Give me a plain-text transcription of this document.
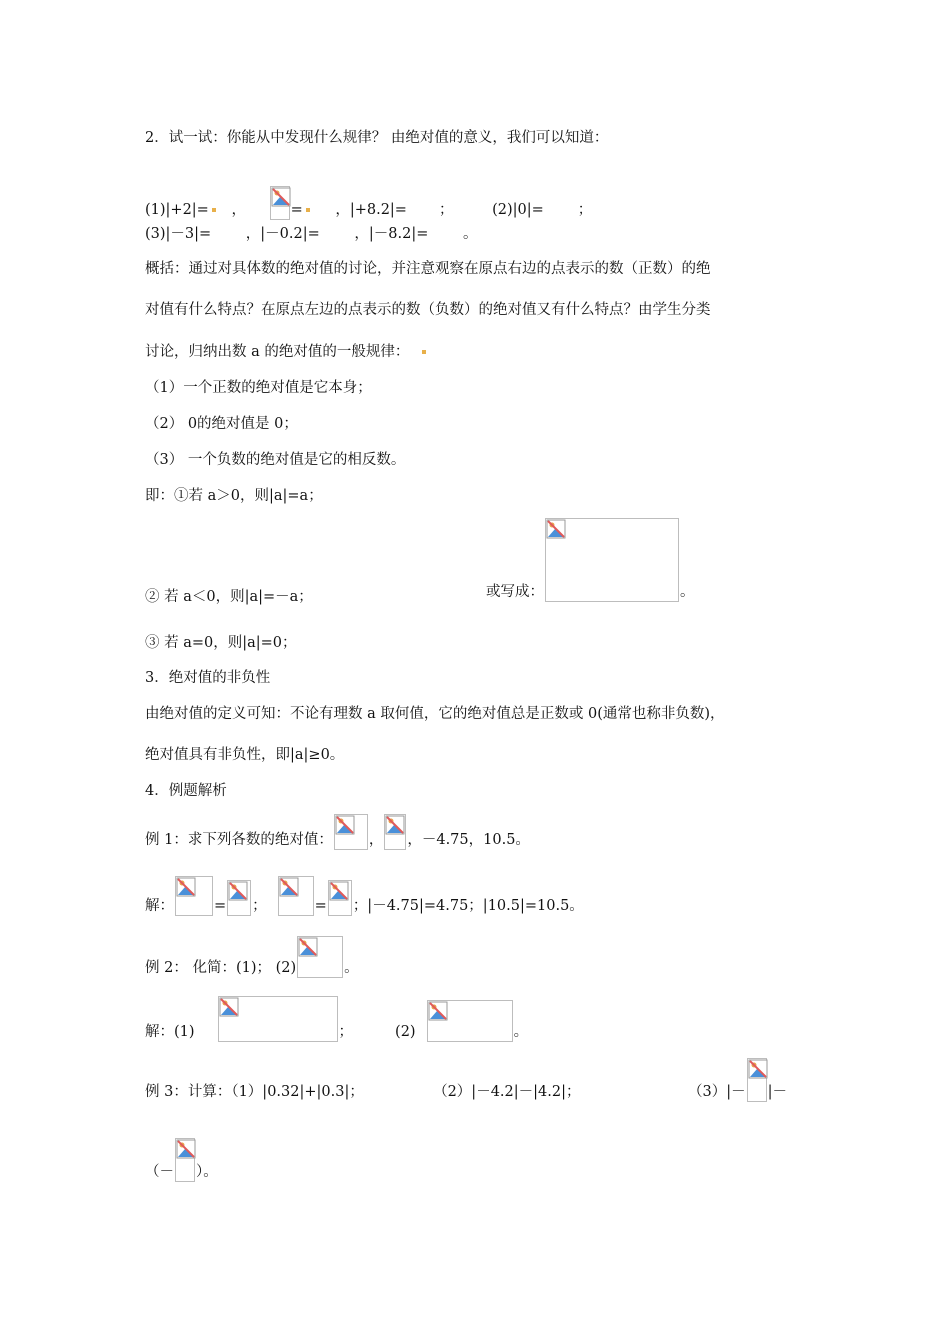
2．试一试：你能从中发现什么规律？ 由绝对值的意义，我们可以知道：
(1)|+2|= ，	= ，|+8.2|= ；	(2)|0|= ；
(3)|－3|= ，|－0.2|= ，|－8.2|= 。
概括：通过对具体数的绝对值的讨论，并注意观察在原点右边的点表示的数（正数）的绝
对值有什么特点？在原点左边的点表示的数（负数）的绝对值又有什么特点？由学生分类
讨论，归纳出数 a 的绝对值的一般规律：
（1）一个正数的绝对值是它本身；
（2） 0的绝对值是 0；
（3） 一个负数的绝对值是它的相反数。
即：①若 a＞0，则|a|=a；
② 若 a＜0，则|a|=－a；	或写成：	。
③ 若 a=0，则|a|=0；
3．绝对值的非负性
由绝对值的定义可知：不论有理数 a 取何值，它的绝对值总是正数或 0(通常也称非负数)，
绝对值具有非负性，即|a|≥0。
4．例题解析
例 1：求下列各数的绝对值： ， ，－4.75，10.5。
解：	= ；	= ；|－4.75|=4.75；|10.5|=10.5。
例 2： 化简：(1)； (2)	。
解：(1)	；	(2)	。
例 3：计算：（1）|0.32|+|0.3|；	（2）|－4.2|－|4.2|；	（3）|－ |－
（－ ）。
